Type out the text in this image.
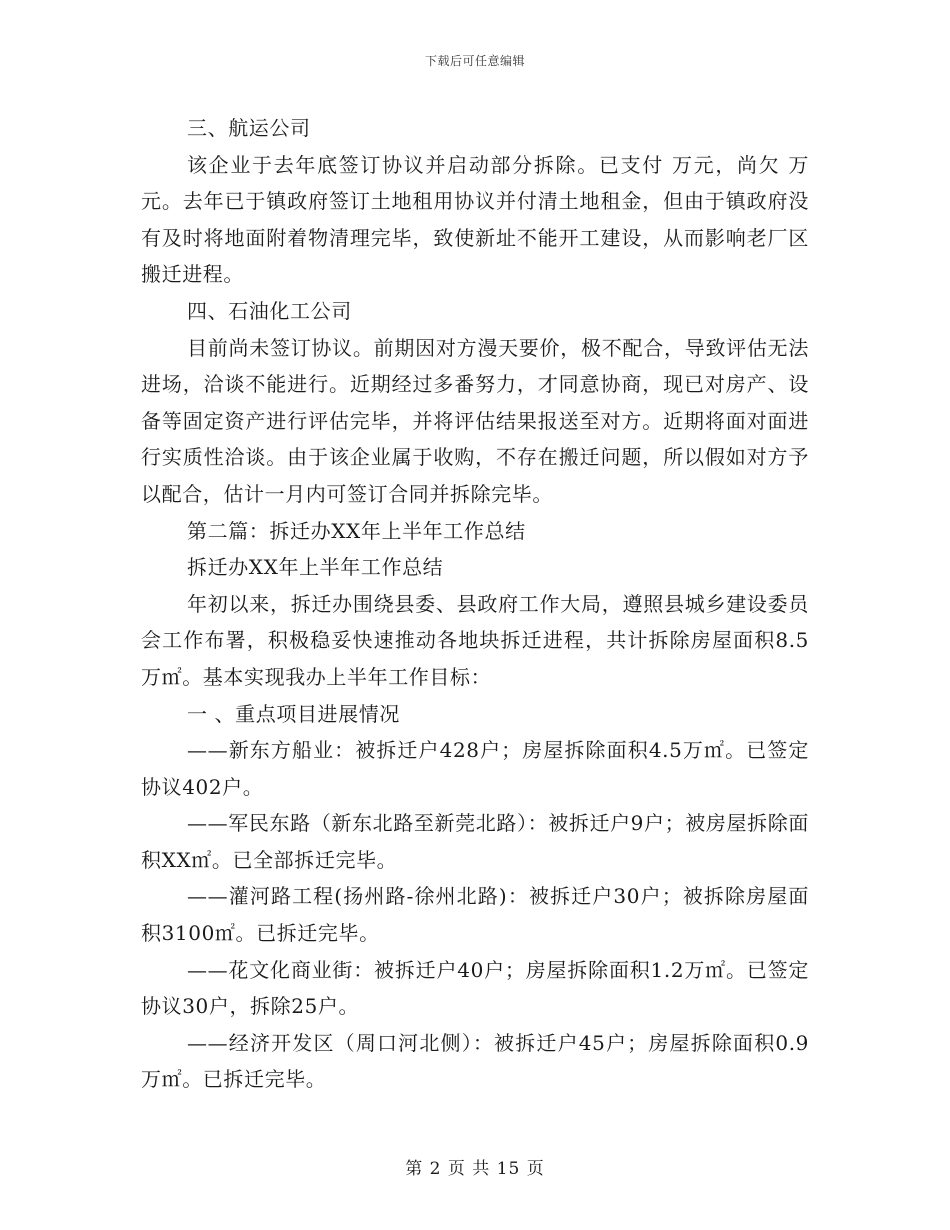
下载后可任意编辑

三、航运公司

该企业于去年底签订协议并启动部分拆除。已支付 万元，尚欠 万元。去年已于镇政府签订土地租用协议并付清土地租金，但由于镇政府没有及时将地面附着物清理完毕，致使新址不能开工建设，从而影响老厂区搬迁进程。

四、石油化工公司

目前尚未签订协议。前期因对方漫天要价，极不配合，导致评估无法进场，洽谈不能进行。近期经过多番努力，才同意协商，现已对房产、设备等固定资产进行评估完毕，并将评估结果报送至对方。近期将面对面进行实质性洽谈。由于该企业属于收购，不存在搬迁问题，所以假如对方予以配合，估计一月内可签订合同并拆除完毕。

第二篇：拆迁办XX年上半年工作总结

拆迁办XX年上半年工作总结

年初以来，拆迁办围绕县委、县政府工作大局，遵照县城乡建设委员会工作布署，积极稳妥快速推动各地块拆迁进程，共计拆除房屋面积8.5万㎡。基本实现我办上半年工作目标：

一 、重点项目进展情况

——新东方船业：被拆迁户428户；房屋拆除面积4.5万㎡。已签定协议402户。

——军民东路（新东北路至新莞北路）：被拆迁户9户；被房屋拆除面积XX㎡。已全部拆迁完毕。

——灌河路工程(扬州路-徐州北路)：被拆迁户30户；被拆除房屋面积3100㎡。已拆迁完毕。

——花文化商业街：被拆迁户40户；房屋拆除面积1.2万㎡。已签定协议30户，拆除25户。

——经济开发区（周口河北侧）：被拆迁户45户；房屋拆除面积0.9万㎡。已拆迁完毕。

第 2 页 共 15 页
